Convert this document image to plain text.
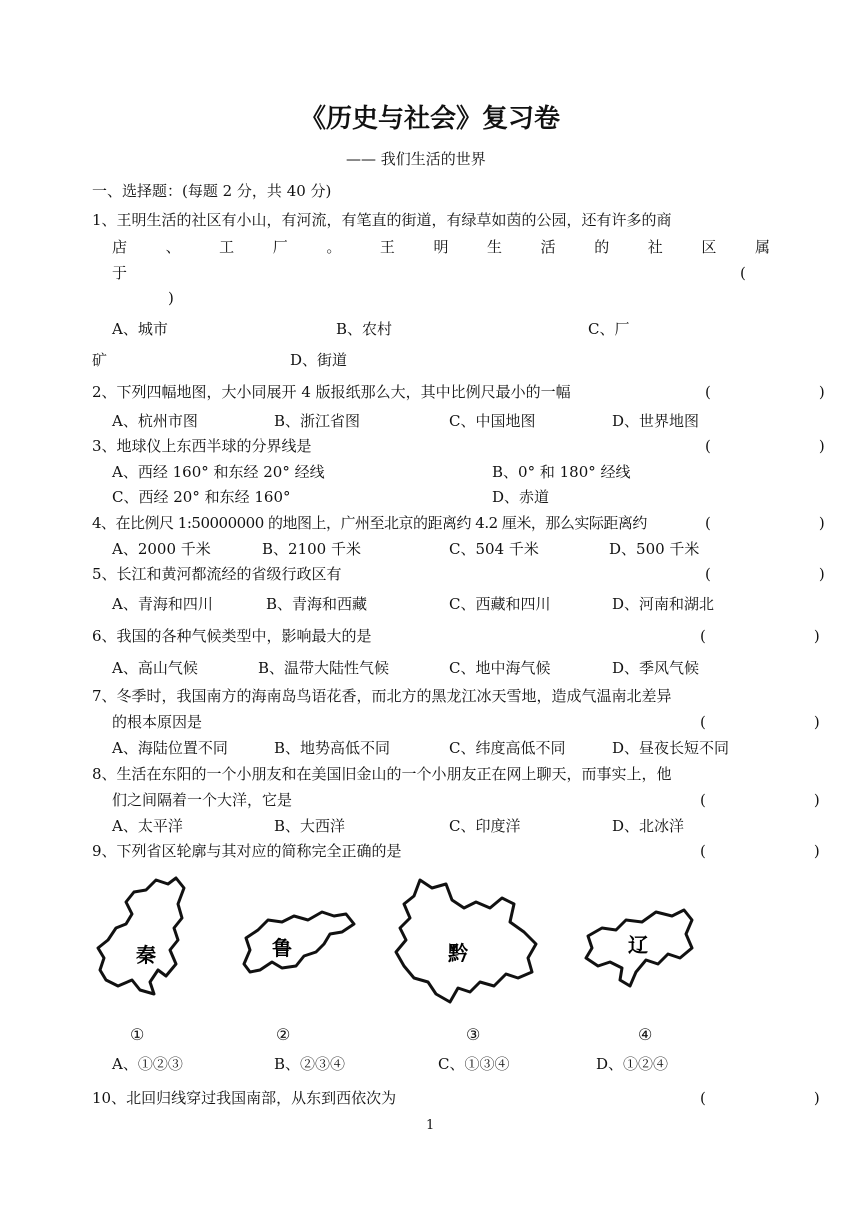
《历史与社会》复习卷
—— 我们生活的世界
一、选择题：(每题 2 分，共 40 分)
1、王明生活的社区有小山，有河流，有笔直的街道，有绿草如茵的公园，还有许多的商
店	、	工	厂	。	王	明	生	活	的	社	区	属
于	(
)
A、城市	B、农村	C、厂
矿	D、街道
2、下列四幅地图，大小同展开 4 版报纸那么大，其中比例尺最小的一幅	(　　)
A、杭州市图	B、浙江省图	C、中国地图	D、世界地图
3、地球仪上东西半球的分界线是	(　　)
A、西经 160° 和东经 20° 经线	B、0° 和 180° 经线
C、西经 20° 和东经 160°	D、赤道
4、在比例尺 1:50000000 的地图上，广州至北京的距离约 4.2 厘米，那么实际距离约	(　　)
A、2000 千米	B、2100 千米	C、504 千米	D、500 千米
5、长江和黄河都流经的省级行政区有	(　　)
A、青海和四川	B、青海和西藏	C、西藏和四川	D、河南和湖北
6、我国的各种气候类型中，影响最大的是	(　　)
A、高山气候	B、温带大陆性气候	C、地中海气候	D、季风气候
7、冬季时，我国南方的海南岛鸟语花香，而北方的黑龙江冰天雪地，造成气温南北差异
的根本原因是	(　　)
A、海陆位置不同	B、地势高低不同	C、纬度高低不同	D、昼夜长短不同
8、生活在东阳的一个小朋友和在美国旧金山的一个小朋友正在网上聊天，而事实上，他
们之间隔着一个大洋，它是	(　　)
A、太平洋	B、大西洋	C、印度洋	D、北冰洋
9、下列省区轮廓与其对应的简称完全正确的是	(　　)
秦	鲁	黔	辽
①	②	③	④
A、①②③	B、②③④	C、①③④	D、①②④
10、北回归线穿过我国南部，从东到西依次为	(　　)
1
